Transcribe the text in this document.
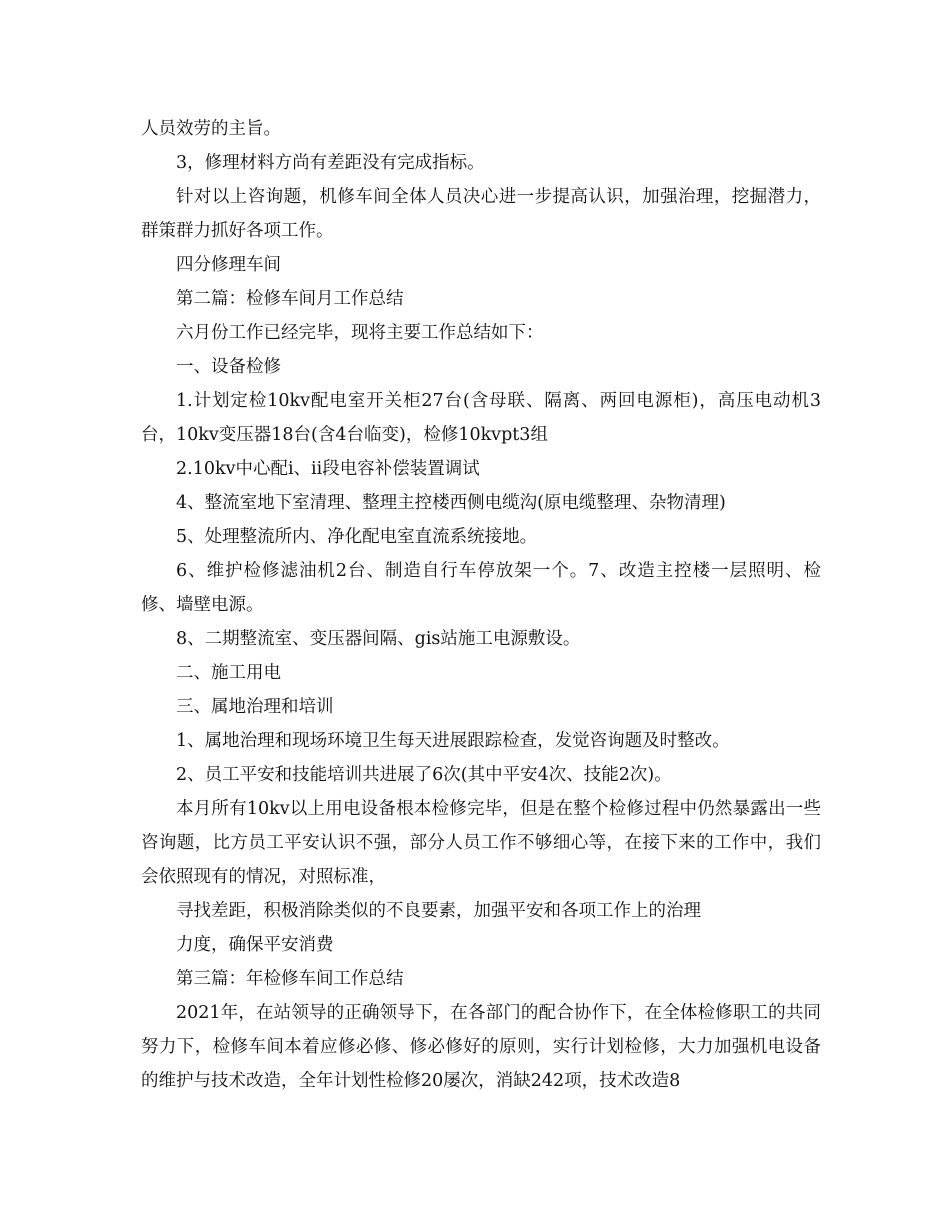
人员效劳的主旨。

3，修理材料方尚有差距没有完成指标。

针对以上咨询题，机修车间全体人员决心进一步提高认识，加强治理，挖掘潜力，群策群力抓好各项工作。

四分修理车间

第二篇：检修车间月工作总结

六月份工作已经完毕，现将主要工作总结如下：

一、设备检修

1.计划定检10kv配电室开关柜27台(含母联、隔离、两回电源柜)，高压电动机3台，10kv变压器18台(含4台临变)，检修10kvpt3组

2.10kv中心配ⅰ、ⅱ段电容补偿装置调试

4、整流室地下室清理、整理主控楼西侧电缆沟(原电缆整理、杂物清理)

5、处理整流所内、净化配电室直流系统接地。

6、维护检修滤油机2台、制造自行车停放架一个。7、改造主控楼一层照明、检修、墙壁电源。

8、二期整流室、变压器间隔、gis站施工电源敷设。

二、施工用电

三、属地治理和培训

1、属地治理和现场环境卫生每天进展跟踪检查，发觉咨询题及时整改。

2、员工平安和技能培训共进展了6次(其中平安4次、技能2次)。

本月所有10kv以上用电设备根本检修完毕，但是在整个检修过程中仍然暴露出一些咨询题，比方员工平安认识不强，部分人员工作不够细心等，在接下来的工作中，我们会依照现有的情况，对照标准，

寻找差距，积极消除类似的不良要素，加强平安和各项工作上的治理

力度，确保平安消费

第三篇：年检修车间工作总结

2021年，在站领导的正确领导下，在各部门的配合协作下，在全体检修职工的共同努力下，检修车间本着应修必修、修必修好的原则，实行计划检修，大力加强机电设备的维护与技术改造，全年计划性检修20屡次，消缺242项，技术改造8
